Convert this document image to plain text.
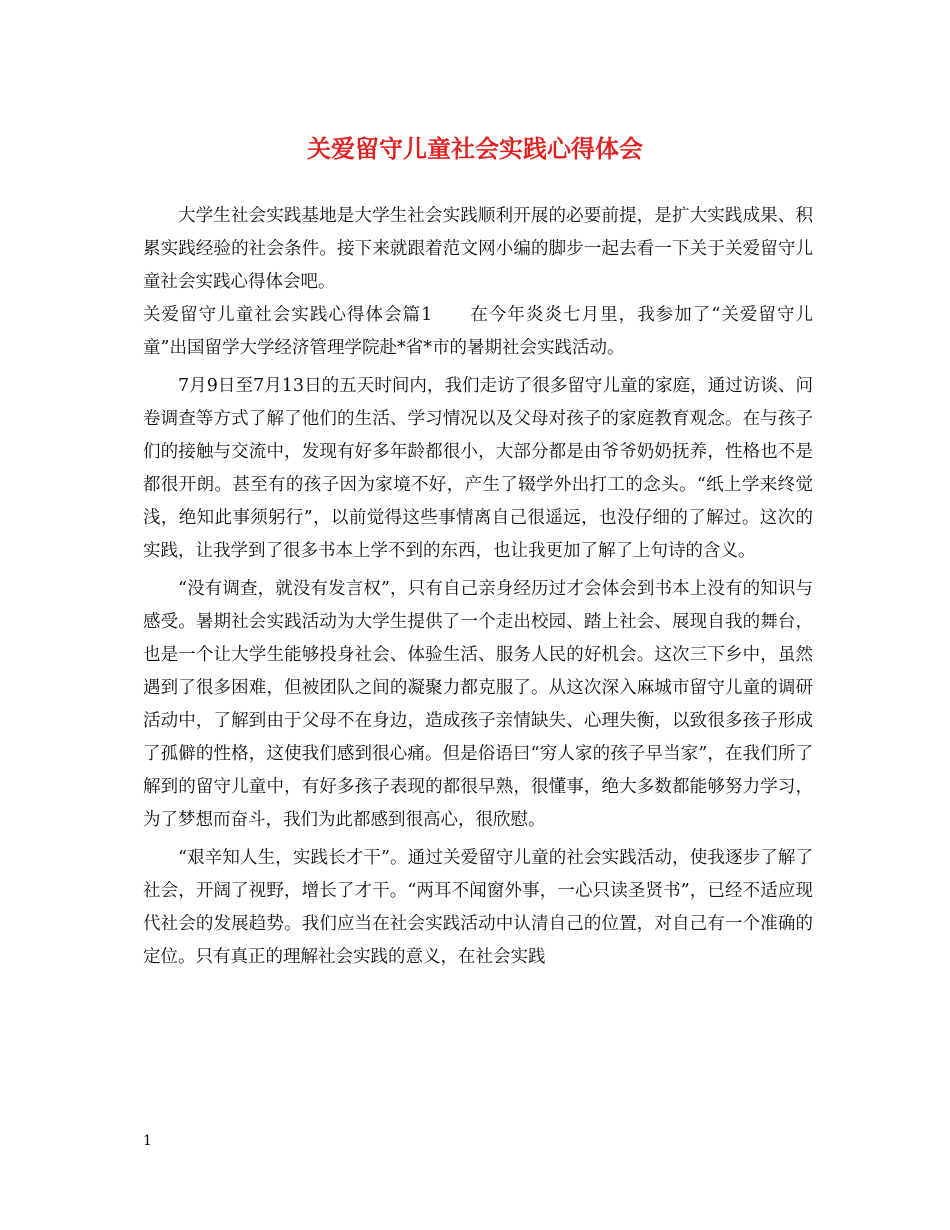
关爱留守儿童社会实践心得体会

大学生社会实践基地是大学生社会实践顺利开展的必要前提，是扩大实践成果、积累实践经验的社会条件。接下来就跟着范文网小编的脚步一起去看一下关于关爱留守儿童社会实践心得体会吧。

关爱留守儿童社会实践心得体会篇1　　在今年炎炎七月里，我参加了“关爱留守儿童”出国留学大学经济管理学院赴*省*市的暑期社会实践活动。

7月9日至7月13日的五天时间内，我们走访了很多留守儿童的家庭，通过访谈、问卷调查等方式了解了他们的生活、学习情况以及父母对孩子的家庭教育观念。在与孩子们的接触与交流中，发现有好多年龄都很小，大部分都是由爷爷奶奶抚养，性格也不是都很开朗。甚至有的孩子因为家境不好，产生了辍学外出打工的念头。“纸上学来终觉浅，绝知此事须躬行”，以前觉得这些事情离自己很遥远，也没仔细的了解过。这次的实践，让我学到了很多书本上学不到的东西，也让我更加了解了上句诗的含义。

“没有调查，就没有发言权”，只有自己亲身经历过才会体会到书本上没有的知识与感受。暑期社会实践活动为大学生提供了一个走出校园、踏上社会、展现自我的舞台，也是一个让大学生能够投身社会、体验生活、服务人民的好机会。这次三下乡中，虽然遇到了很多困难，但被团队之间的凝聚力都克服了。从这次深入麻城市留守儿童的调研活动中，了解到由于父母不在身边，造成孩子亲情缺失、心理失衡，以致很多孩子形成了孤僻的性格，这使我们感到很心痛。但是俗语曰“穷人家的孩子早当家”，在我们所了解到的留守儿童中，有好多孩子表现的都很早熟，很懂事，绝大多数都能够努力学习，为了梦想而奋斗，我们为此都感到很高心，很欣慰。

“艰辛知人生，实践长才干”。通过关爱留守儿童的社会实践活动，使我逐步了解了社会，开阔了视野，增长了才干。“两耳不闻窗外事，一心只读圣贤书”，已经不适应现代社会的发展趋势。我们应当在社会实践活动中认清自己的位置，对自己有一个准确的定位。只有真正的理解社会实践的意义，在社会实践

1
